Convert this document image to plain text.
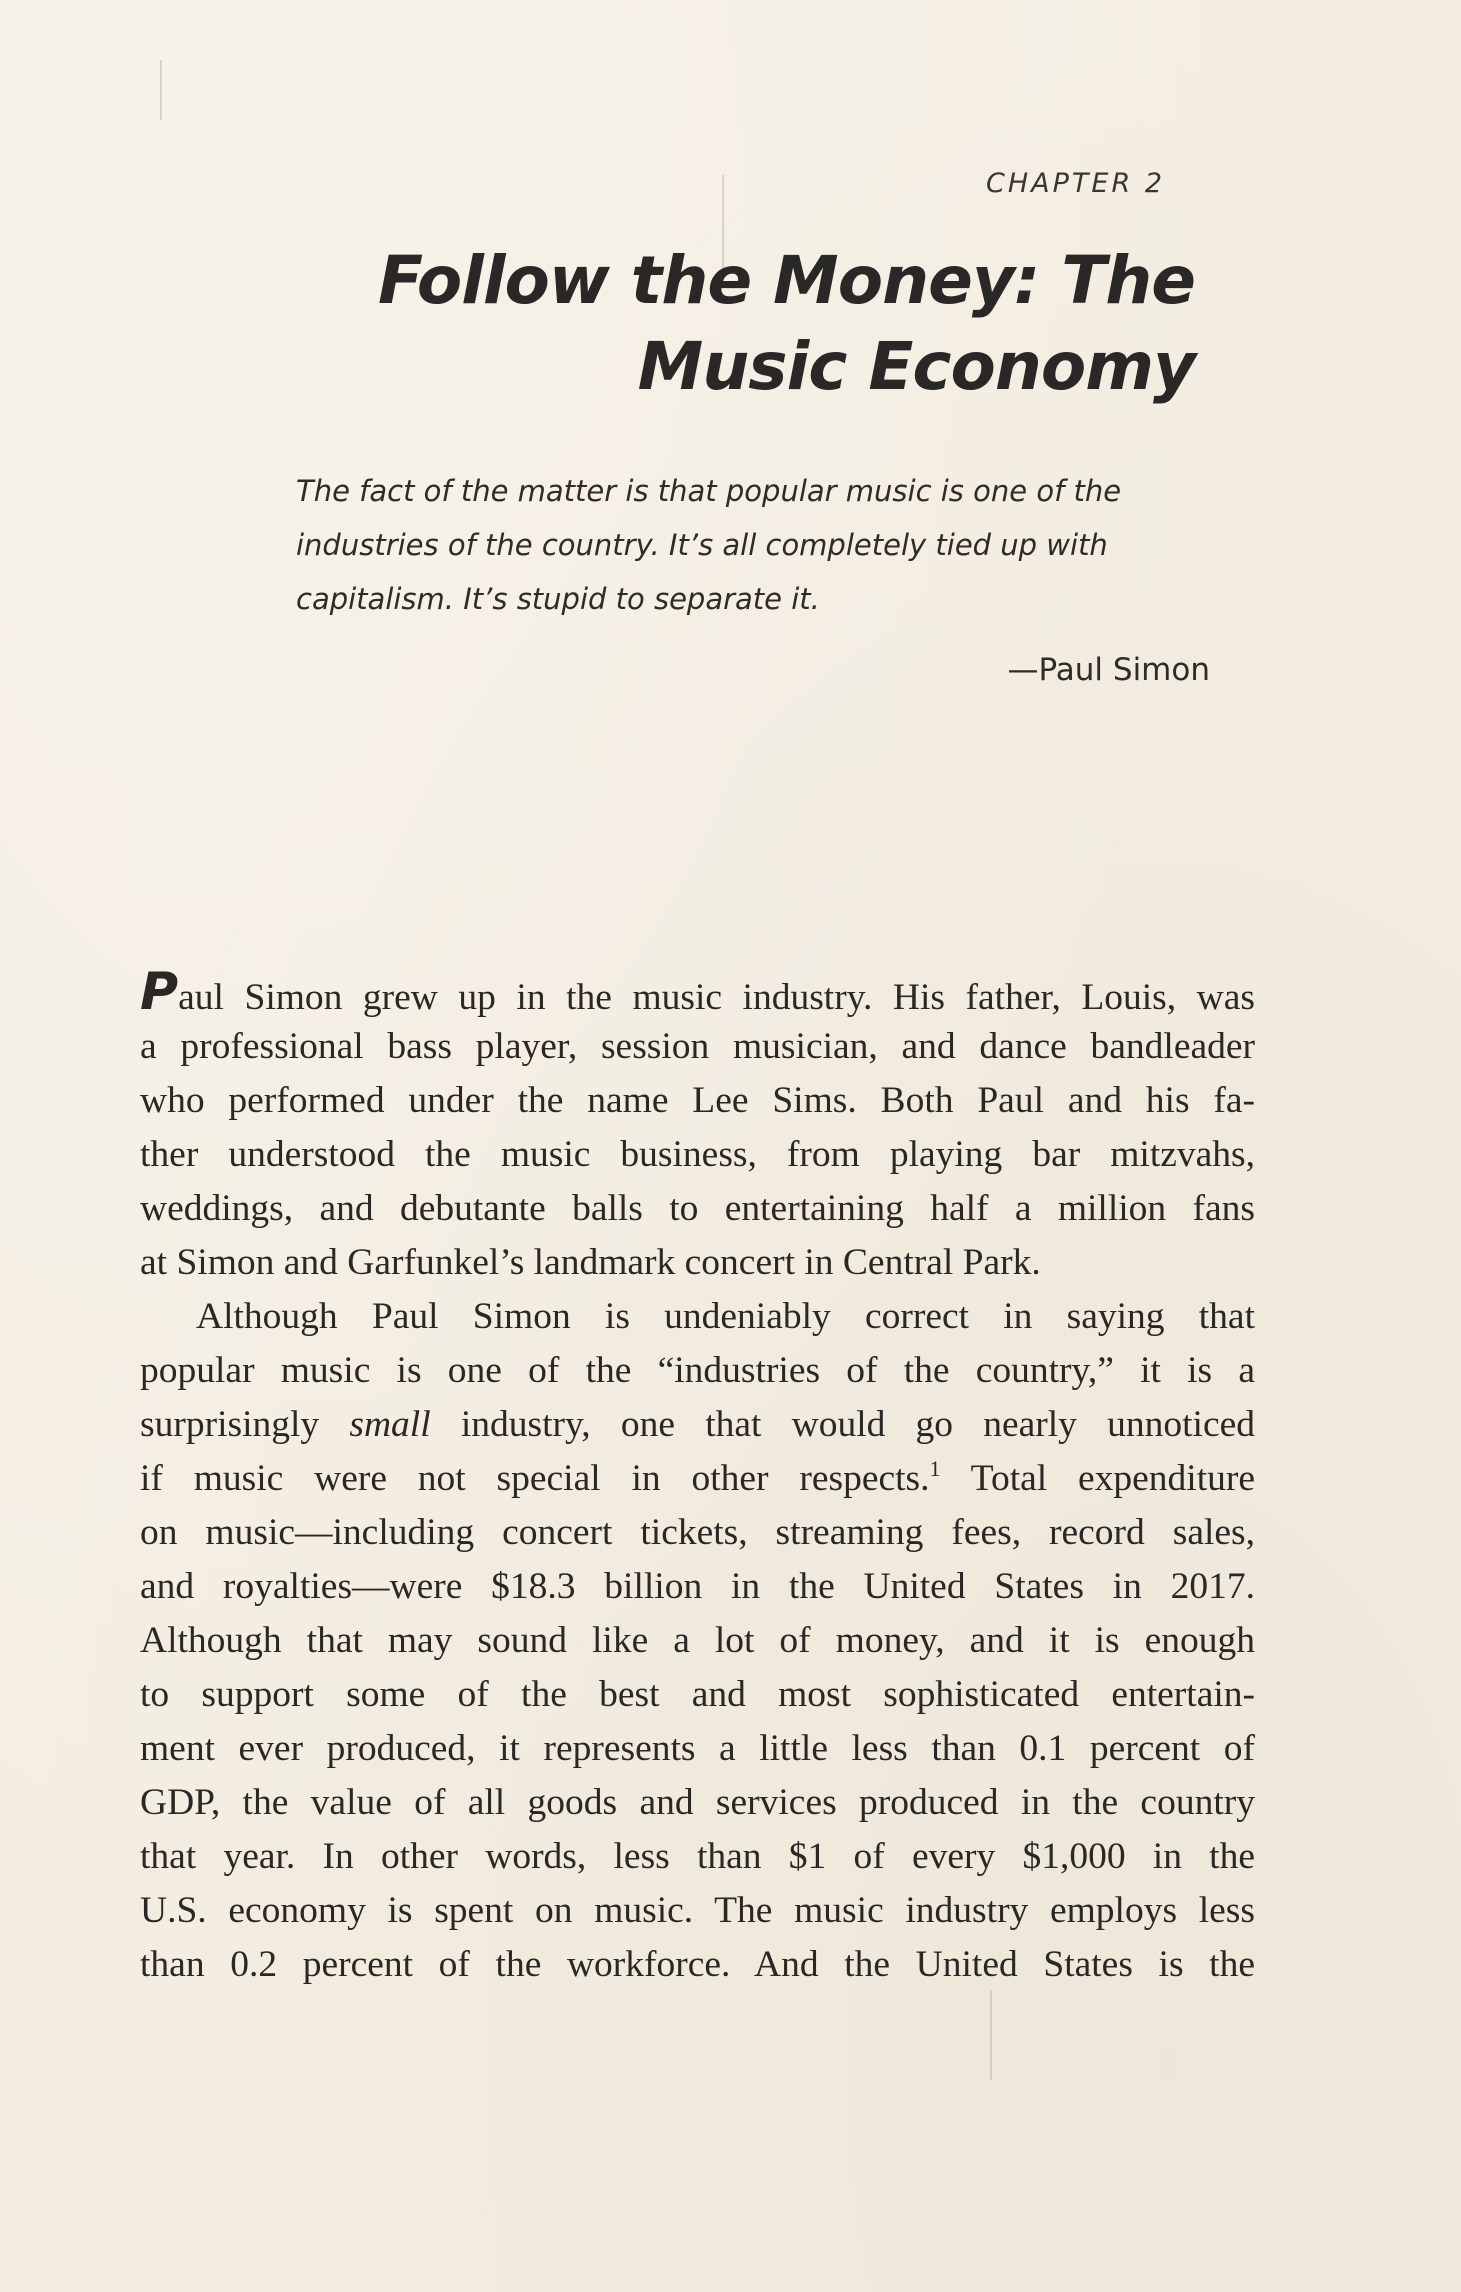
CHAPTER 2
Follow the Money: The
Music Economy
The fact of the matter is that popular music is one of the
industries of the country. It’s all completely tied up with
capitalism. It’s stupid to separate it.
—Paul Simon
Paul Simon grew up in the music industry. His father, Louis, was
a professional bass player, session musician, and dance bandleader
who performed under the name Lee Sims. Both Paul and his fa-
ther understood the music business, from playing bar mitzvahs,
weddings, and debutante balls to entertaining half a million fans
at Simon and Garfunkel’s landmark concert in Central Park.
Although Paul Simon is undeniably correct in saying that
popular music is one of the “industries of the country,” it is a
surprisingly small industry, one that would go nearly unnoticed
if music were not special in other respects.$^1$ Total expenditure
on music—including concert tickets, streaming fees, record sales,
and royalties—were $18.3 billion in the United States in 2017.
Although that may sound like a lot of money, and it is enough
to support some of the best and most sophisticated entertain-
ment ever produced, it represents a little less than 0.1 percent of
GDP, the value of all goods and services produced in the country
that year. In other words, less than $1 of every $1,000 in the
U.S. economy is spent on music. The music industry employs less
than 0.2 percent of the workforce. And the United States is the
